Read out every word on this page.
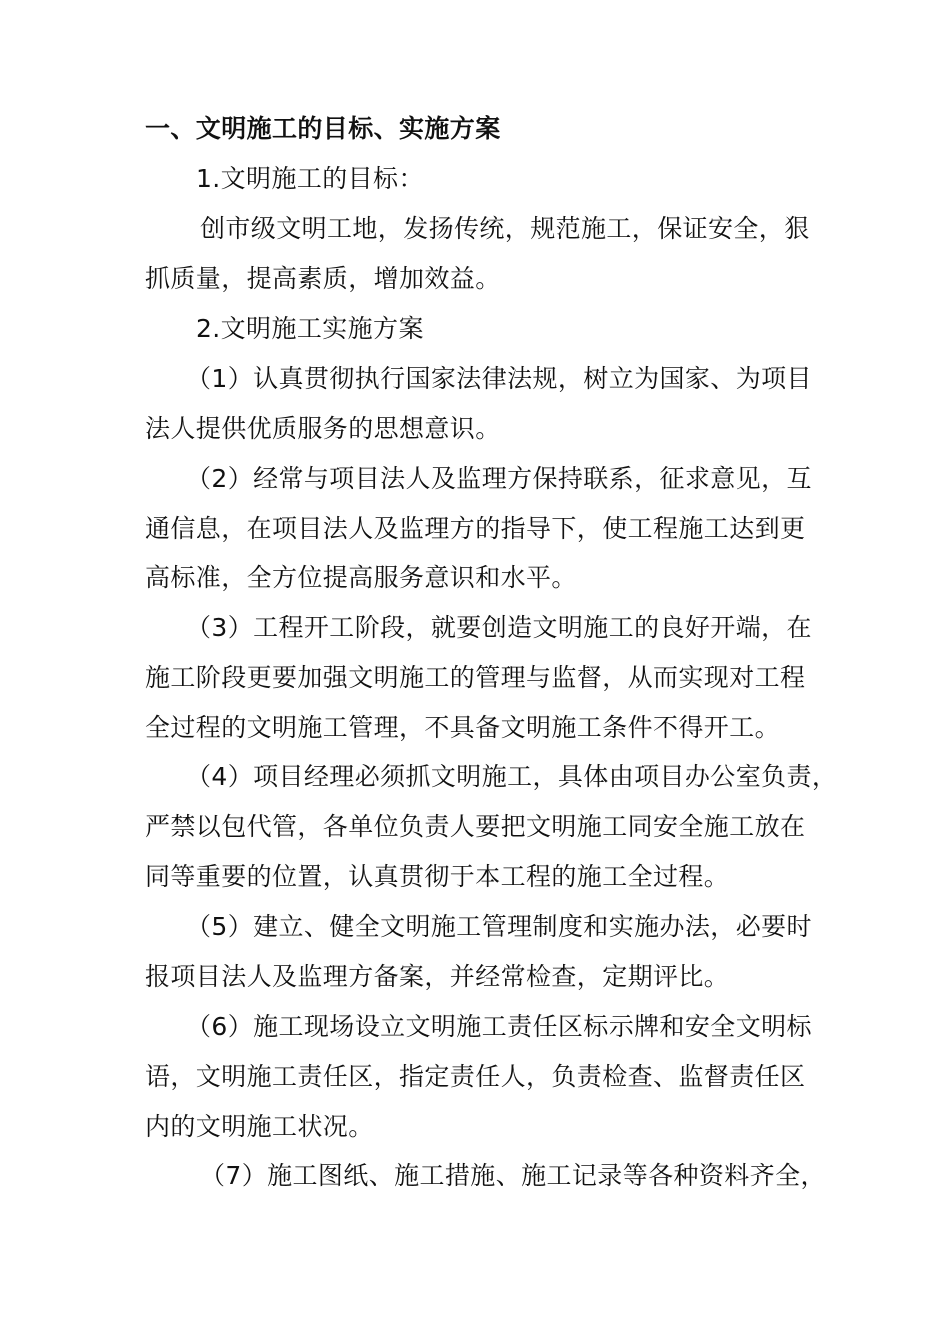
一、文明施工的目标、实施方案
1.文明施工的目标：
创市级文明工地，发扬传统，规范施工，保证安全，狠
抓质量，提高素质，增加效益。
2.文明施工实施方案
（1）认真贯彻执行国家法律法规，树立为国家、为项目
法人提供优质服务的思想意识。
（2）经常与项目法人及监理方保持联系，征求意见，互
通信息，在项目法人及监理方的指导下，使工程施工达到更
高标准，全方位提高服务意识和水平。
（3）工程开工阶段，就要创造文明施工的良好开端，在
施工阶段更要加强文明施工的管理与监督，从而实现对工程
全过程的文明施工管理，不具备文明施工条件不得开工。
（4）项目经理必须抓文明施工，具体由项目办公室负责，
严禁以包代管，各单位负责人要把文明施工同安全施工放在
同等重要的位置，认真贯彻于本工程的施工全过程。
（5）建立、健全文明施工管理制度和实施办法，必要时
报项目法人及监理方备案，并经常检查，定期评比。
（6）施工现场设立文明施工责任区标示牌和安全文明标
语，文明施工责任区，指定责任人，负责检查、监督责任区
内的文明施工状况。
（7）施工图纸、施工措施、施工记录等各种资料齐全，
